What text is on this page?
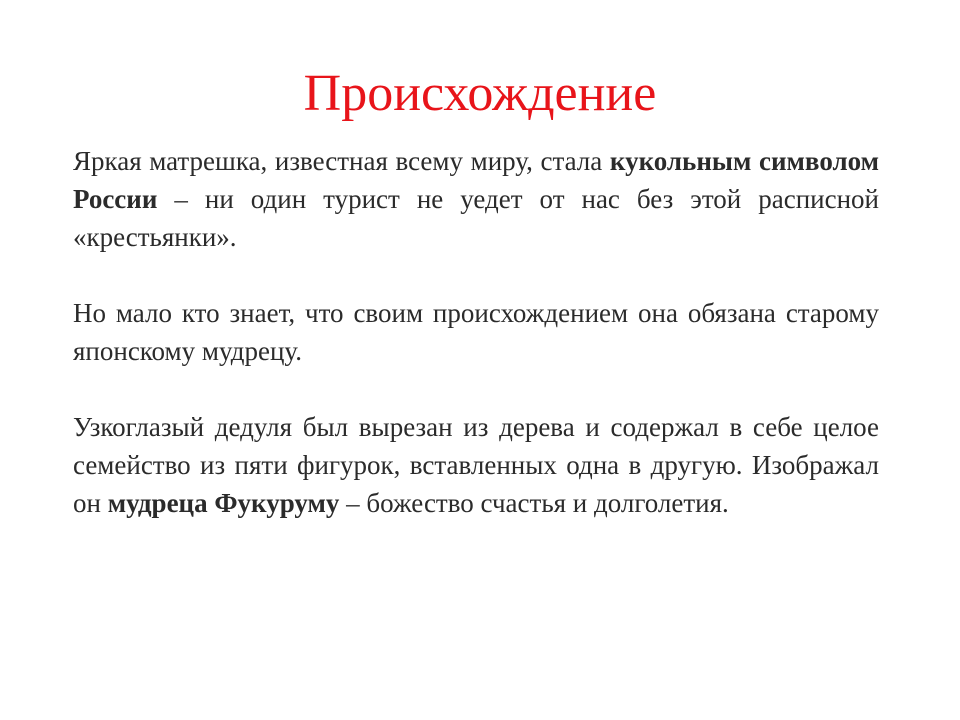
Происхождение

Яркая матрешка, известная всему миру, стала кукольным символом России – ни один турист не уедет от нас без этой расписной «крестьянки».

Но мало кто знает, что своим происхождением она обязана старому японскому мудрецу.

Узкоглазый дедуля был вырезан из дерева и содержал в себе целое семейство из пяти фигурок, вставленных одна в другую. Изображал он мудреца Фукуруму – божество счастья и долголетия.
